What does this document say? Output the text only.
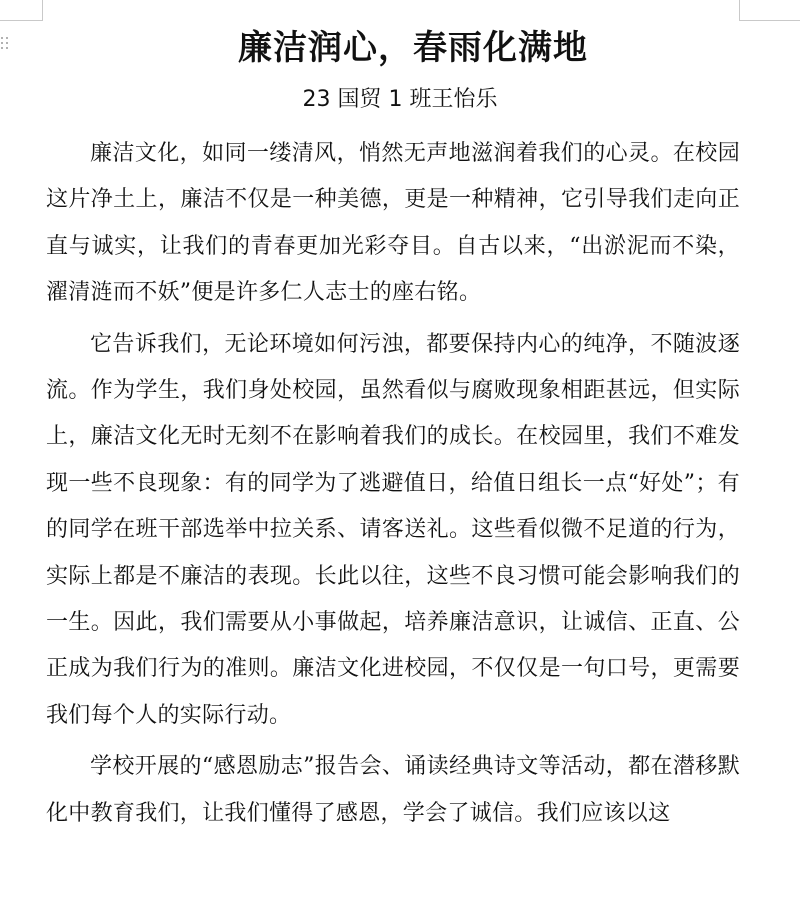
廉洁润心，春雨化满地
23 国贸 1 班王怡乐

廉洁文化，如同一缕清风，悄然无声地滋润着我们的心灵。在校园这片净土上，廉洁不仅是一种美德，更是一种精神，它引导我们走向正直与诚实，让我们的青春更加光彩夺目。自古以来，“出淤泥而不染，濯清涟而不妖”便是许多仁人志士的座右铭。

它告诉我们，无论环境如何污浊，都要保持内心的纯净，不随波逐流。作为学生，我们身处校园，虽然看似与腐败现象相距甚远，但实际上，廉洁文化无时无刻不在影响着我们的成长。在校园里，我们不难发现一些不良现象：有的同学为了逃避值日，给值日组长一点“好处”；有的同学在班干部选举中拉关系、请客送礼。这些看似微不足道的行为，实际上都是不廉洁的表现。长此以往，这些不良习惯可能会影响我们的一生。因此，我们需要从小事做起，培养廉洁意识，让诚信、正直、公正成为我们行为的准则。廉洁文化进校园，不仅仅是一句口号，更需要我们每个人的实际行动。

学校开展的“感恩励志”报告会、诵读经典诗文等活动，都在潜移默化中教育我们，让我们懂得了感恩，学会了诚信。我们应该以这
